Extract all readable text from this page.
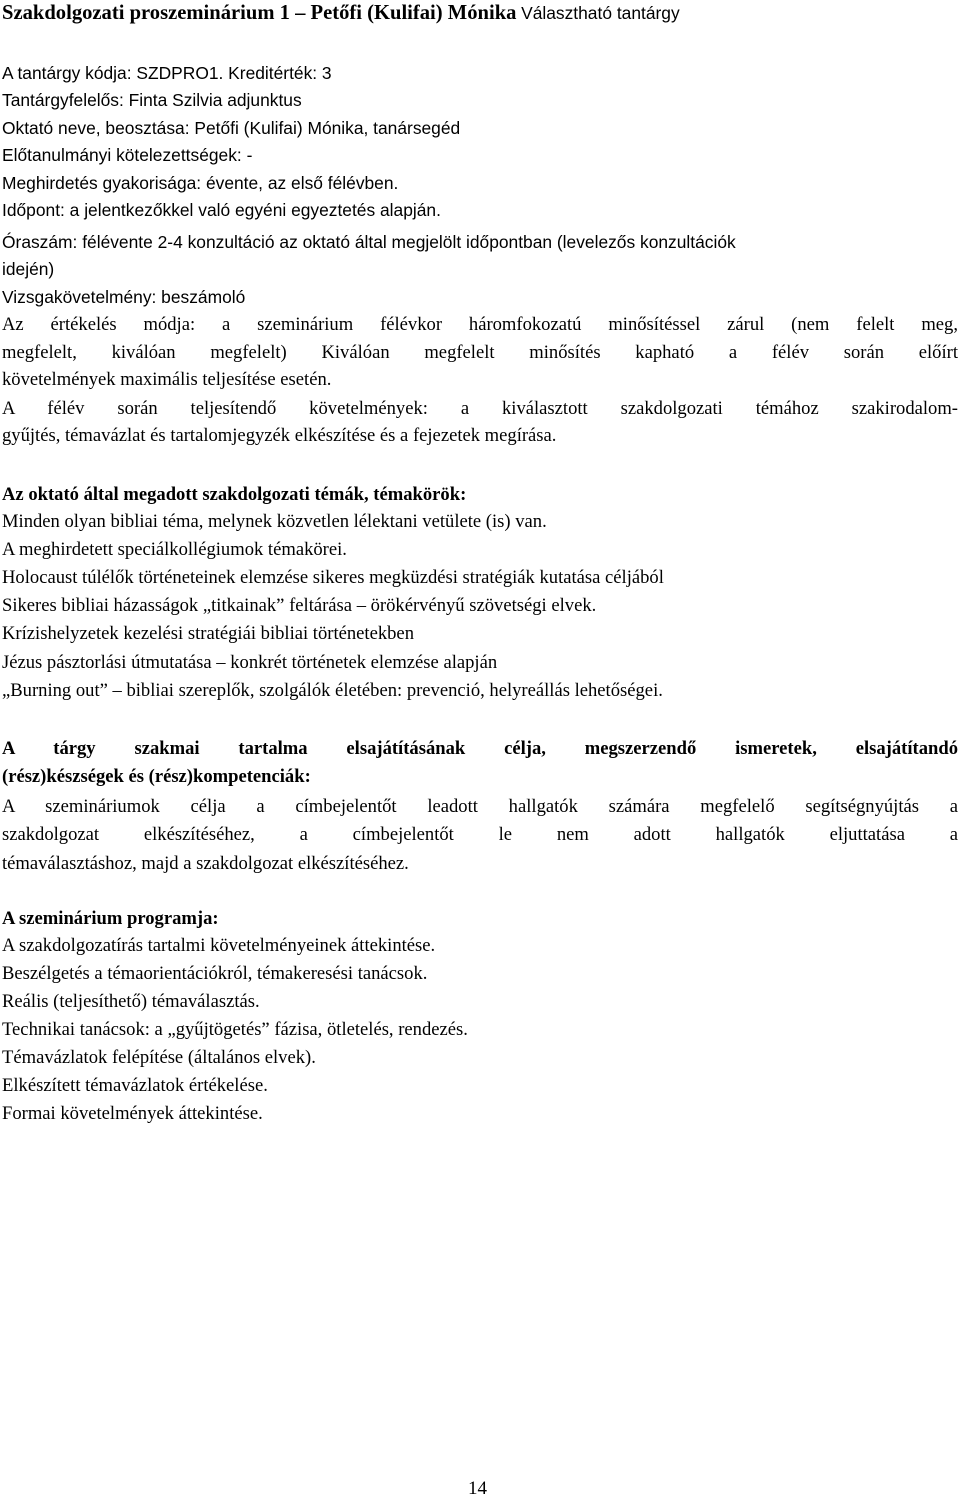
Szakdolgozati proszeminárium 1 – Petőfi (Kulifai) Mónika Választható tantárgy
A tantárgy kódja: SZDPRO1. Kreditérték: 3
Tantárgyfelelős: Finta Szilvia adjunktus
Oktató neve, beosztása: Petőfi (Kulifai) Mónika, tanársegéd
Előtanulmányi kötelezettségek: -
Meghirdetés gyakorisága: évente, az első félévben.
Időpont: a jelentkezőkkel való egyéni egyeztetés alapján.
Óraszám: félévente 2-4 konzultáció az oktató által megjelölt időpontban (levelezős konzultációk
idején)
Vizsgakövetelmény: beszámoló
Az értékelés módja: a szeminárium félévkor háromfokozatú minősítéssel zárul (nem felelt meg,
megfelelt, kiválóan megfelelt) Kiválóan megfelelt minősítés kapható a félév során előírt
követelmények maximális teljesítése esetén.
A félév során teljesítendő követelmények: a kiválasztott szakdolgozati témához szakirodalom-
gyűjtés, témavázlat és tartalomjegyzék elkészítése és a fejezetek megírása.
Az oktató által megadott szakdolgozati témák, témakörök:
Minden olyan bibliai téma, melynek közvetlen lélektani vetülete (is) van.
A meghirdetett speciálkollégiumok témakörei.
Holocaust túlélők történeteinek elemzése sikeres megküzdési stratégiák kutatása céljából
Sikeres bibliai házasságok „titkainak” feltárása – örökérvényű szövetségi elvek.
Krízishelyzetek kezelési stratégiái bibliai történetekben
Jézus pásztorlási útmutatása – konkrét történetek elemzése alapján
„Burning out” – bibliai szereplők, szolgálók életében: prevenció, helyreállás lehetőségei.
A tárgy szakmai tartalma elsajátításának célja, megszerzendő ismeretek, elsajátítandó
(rész)készségek és (rész)kompetenciák:
A szemináriumok célja a címbejelentőt leadott hallgatók számára megfelelő segítségnyújtás a
szakdolgozat elkészítéséhez, a címbejelentőt le nem adott hallgatók eljuttatása a
témaválasztáshoz, majd a szakdolgozat elkészítéséhez.
A szeminárium programja:
A szakdolgozatírás tartalmi követelményeinek áttekintése.
Beszélgetés a témaorientációkról, témakeresési tanácsok.
Reális (teljesíthető) témaválasztás.
Technikai tanácsok: a „gyűjtögetés” fázisa, ötletelés, rendezés.
Témavázlatok felépítése (általános elvek).
Elkészített témavázlatok értékelése.
Formai követelmények áttekintése.
14
